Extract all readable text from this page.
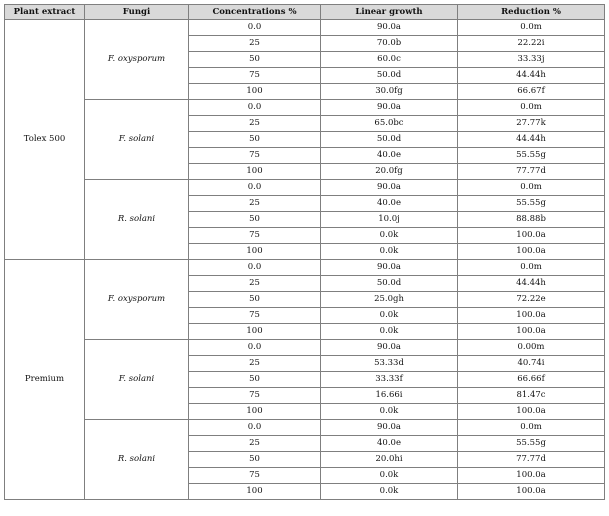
Plant extract	Fungi	Concentrations %	Linear growth	Reduction %
Tolex 500	F. oxysporum	0.0	90.0a	0.0m
		25	70.0b	22.22i
		50	60.0c	33.33j
		75	50.0d	44.44h
		100	30.0fg	66.67f
	F. solani	0.0	90.0a	0.0m
		25	65.0bc	27.77k
		50	50.0d	44.44h
		75	40.0e	55.55g
		100	20.0fg	77.77d
	R. solani	0.0	90.0a	0.0m
		25	40.0e	55.55g
		50	10.0j	88.88b
		75	0.0k	100.0a
		100	0.0k	100.0a
Premium	F. oxysporum	0.0	90.0a	0.0m
		25	50.0d	44.44h
		50	25.0gh	72.22e
		75	0.0k	100.0a
		100	0.0k	100.0a
	F. solani	0.0	90.0a	0.00m
		25	53.33d	40.74i
		50	33.33f	66.66f
		75	16.66i	81.47c
		100	0.0k	100.0a
	R. solani	0.0	90.0a	0.0m
		25	40.0e	55.55g
		50	20.0hi	77.77d
		75	0.0k	100.0a
		100	0.0k	100.0a
